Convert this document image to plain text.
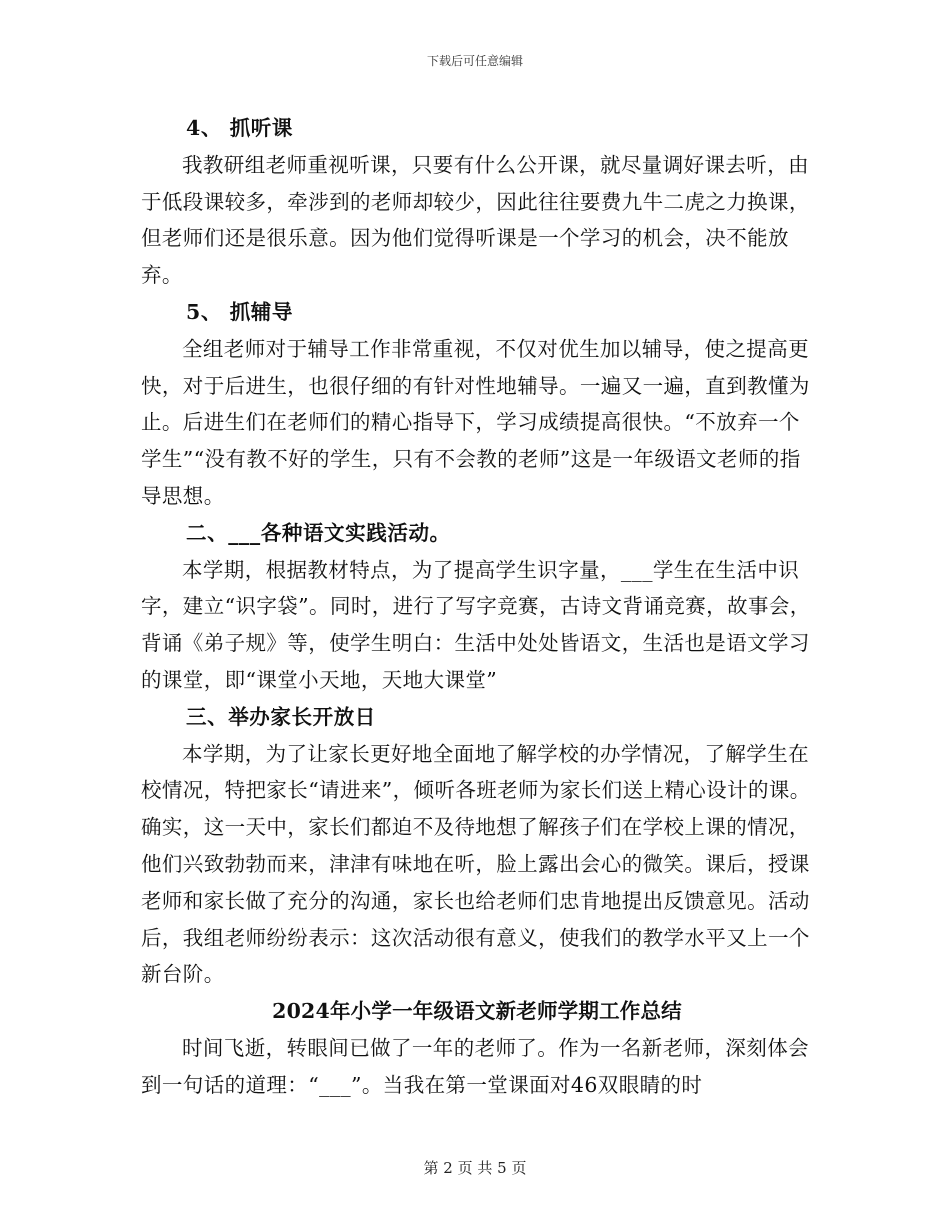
下载后可任意编辑
4、 抓听课
我教研组老师重视听课，只要有什么公开课，就尽量调好课去听，由于低段课较多，牵涉到的老师却较少，因此往往要费九牛二虎之力换课，但老师们还是很乐意。因为他们觉得听课是一个学习的机会，决不能放弃。
5、 抓辅导
全组老师对于辅导工作非常重视，不仅对优生加以辅导，使之提高更快，对于后进生，也很仔细的有针对性地辅导。一遍又一遍，直到教懂为止。后进生们在老师们的精心指导下，学习成绩提高很快。“不放弃一个学生”“没有教不好的学生，只有不会教的老师”这是一年级语文老师的指导思想。
二、___各种语文实践活动。
本学期，根据教材特点，为了提高学生识字量，___学生在生活中识字，建立“识字袋”。同时，进行了写字竞赛，古诗文背诵竞赛，故事会，背诵《弟子规》等，使学生明白：生活中处处皆语文，生活也是语文学习的课堂，即“课堂小天地，天地大课堂”
三、举办家长开放日
本学期，为了让家长更好地全面地了解学校的办学情况，了解学生在校情况，特把家长“请进来”，倾听各班老师为家长们送上精心设计的课。确实，这一天中，家长们都迫不及待地想了解孩子们在学校上课的情况，他们兴致勃勃而来，津津有味地在听，脸上露出会心的微笑。课后，授课老师和家长做了充分的沟通，家长也给老师们忠肯地提出反馈意见。活动后，我组老师纷纷表示：这次活动很有意义，使我们的教学水平又上一个新台阶。
2024年小学一年级语文新老师学期工作总结
时间飞逝，转眼间已做了一年的老师了。作为一名新老师，深刻体会到一句话的道理：“___”。当我在第一堂课面对46双眼睛的时
第 2 页 共 5 页
